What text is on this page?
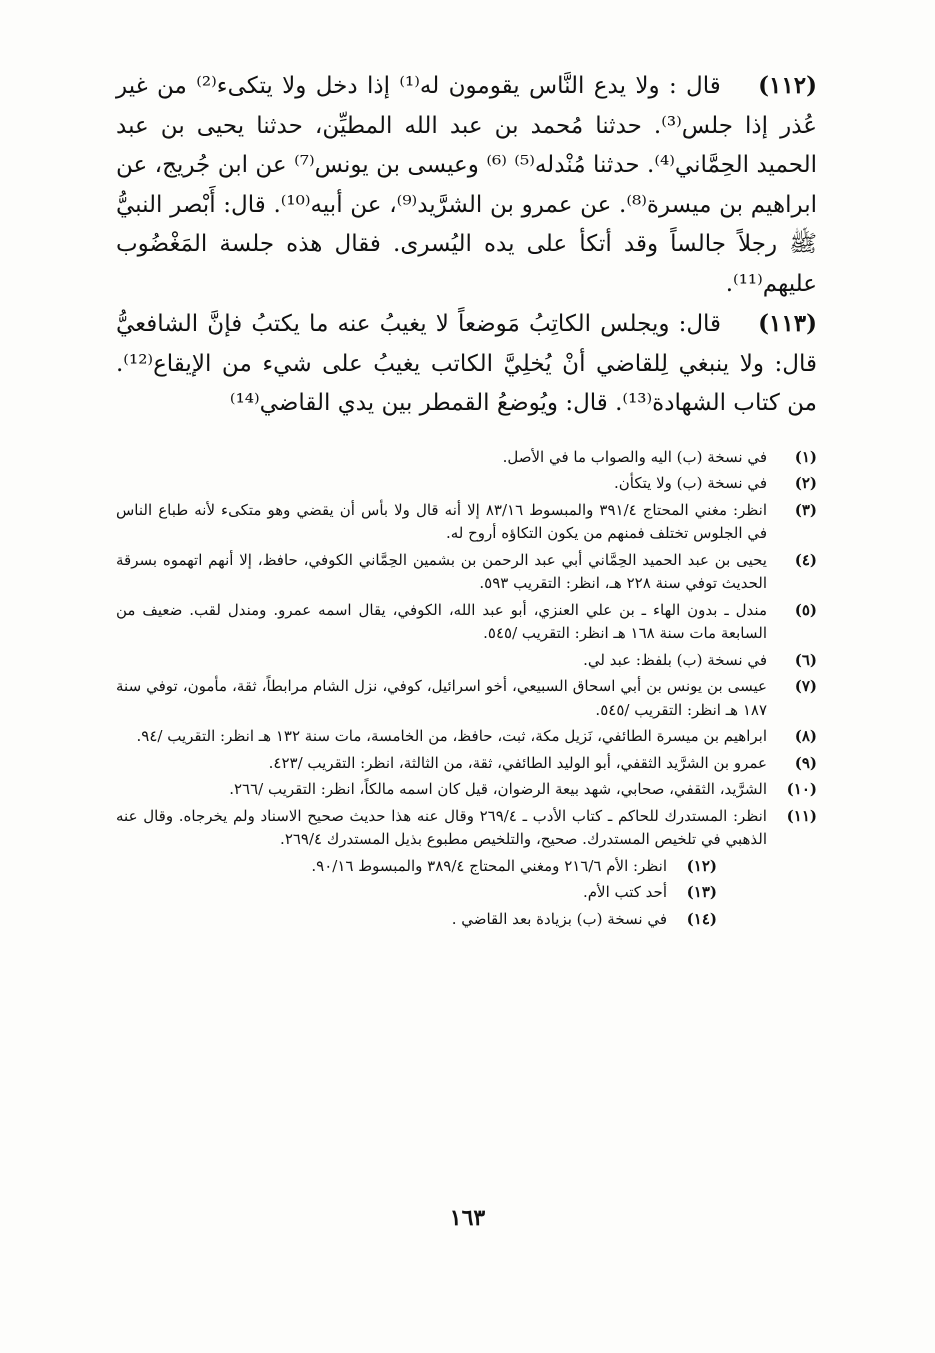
(١١٢) قال : ولا يدع النَّاس يقومون له⁽¹⁾ إذا دخل ولا يتكىء⁽²⁾ من غير عُذر إذا جلس⁽³⁾. حدثنا مُحمد بن عبد الله المطيِّن، حدثنا يحيى بن عبد الحميد الحِمَّاني⁽⁴⁾. حدثنا مُنْدله⁽⁵⁾ ⁽⁶⁾ وعيسى بن يونس⁽⁷⁾ عن ابن جُريج، عن ابراهيم بن ميسرة⁽⁸⁾. عن عمرو بن الشرَّيد⁽⁹⁾، عن أبيه⁽¹⁰⁾. قال: أَبْصر النبيُّ ﷺ رجلاً جالساً وقد أتكأ على يده اليُسرى. فقال هذه جلسة المَغْضُوب عليهم⁽¹¹⁾.

(١١٣) قال: ويجلس الكاتِبُ مَوضعاً لا يغيبُ عنه ما يكتبُ فإنَّ الشافعيُّ قال: ولا ينبغي لِلقاضي أنْ يُخلِيَّ الكاتب يغيبُ على شيء من الإيقاع⁽¹²⁾. من كتاب الشهادة⁽¹³⁾. قال: ويُوضعُ القمطر بين يدي القاضي⁽¹⁴⁾

(١)
في نسخة (ب) اليه والصواب ما في الأصل.
(٢)
في نسخة (ب) ولا يتكأن.
(٣)
انظر: مغني المحتاج ٣٩١/٤ والمبسوط ٨٣/١٦ إلا أنه قال ولا بأس أن يقضي وهو متكىء لأنه طباع الناس في الجلوس تختلف فمنهم من يكون التكاؤه أروح له.
(٤)
يحيى بن عبد الحميد الحِمَّاني أبي عبد الرحمن بن بشمين الحِمَّاني الكوفي، حافظ، إلا أنهم اتهموه بسرقة الحديث توفي سنة ٢٢٨ هـ، انظر: التقريب ٥٩٣.
(٥)
مندل ـ بدون الهاء ـ بن علي العنزي، أبو عبد الله، الكوفي، يقال اسمه عمرو. ومندل لقب. ضعيف من السابعة مات سنة ١٦٨ هـ انظر: التقريب /٥٤٥.
(٦)
في نسخة (ب) بلفظ: عبد لي.
(٧)
عيسى بن يونس بن أبي اسحاق السبيعي، أخو اسرائيل، كوفي، نزل الشام مرابطاً، ثقة، مأمون، توفي سنة ١٨٧ هـ انظر: التقريب /٥٤٥.
(٨)
ابراهيم بن ميسرة الطائفي، نَزيل مكة، ثبت، حافظ، من الخامسة، مات سنة ١٣٢ هـ انظر: التقريب /٩٤.
(٩)
عمرو بن الشرَّيد الثقفي، أبو الوليد الطائفي، ثقة، من الثالثة، انظر: التقريب /٤٢٣.
(١٠)
الشرَّيد، الثقفي، صحابي، شهد بيعة الرضوان، قيل كان اسمه مالكاً، انظر: التقريب /٢٦٦.
(١١)
انظر: المستدرك للحاكم ـ كتاب الأدب ـ ٢٦٩/٤ وقال عنه هذا حديث صحيح الاسناد ولم يخرجاه. وقال عنه الذهبي في تلخيص المستدرك. صحيح، والتلخيص مطبوع بذيل المستدرك ٢٦٩/٤.
(١٢)
انظر: الأم ٢١٦/٦ ومغني المحتاج ٣٨٩/٤ والمبسوط ٩٠/١٦.
(١٣)
أحد كتب الأم.
(١٤)
في نسخة (ب) بزيادة بعد القاضي .
١٦٣
